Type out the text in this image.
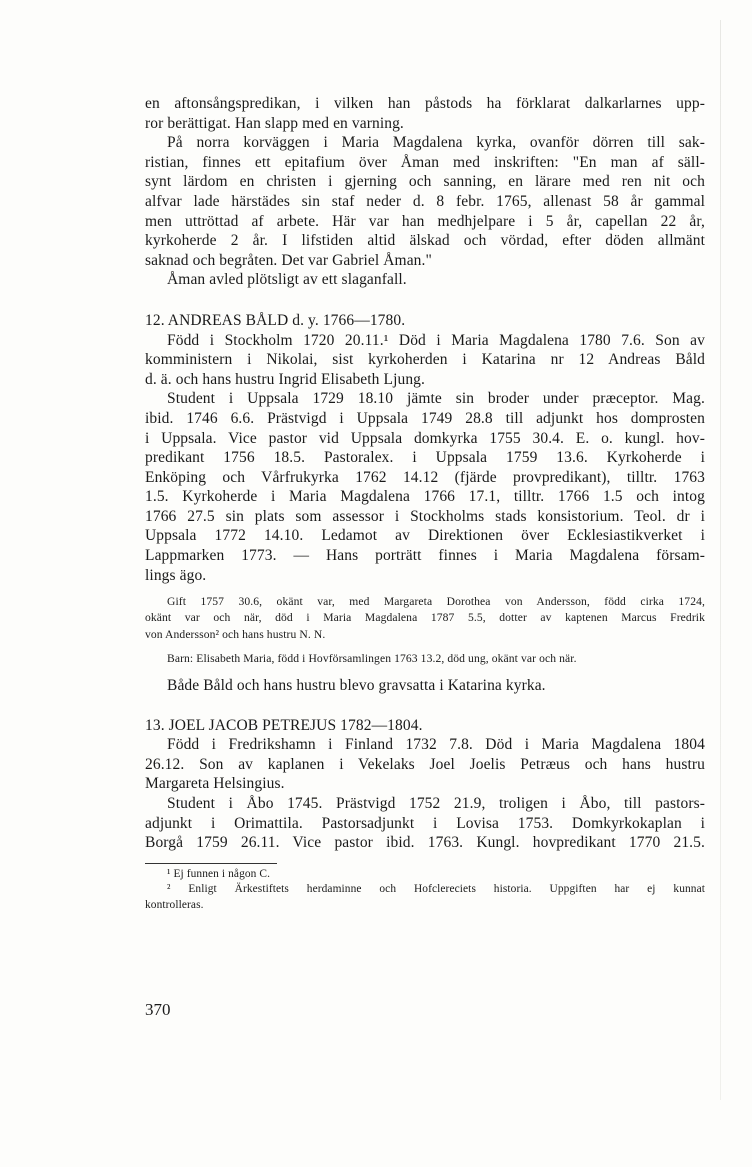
en aftonsångspredikan, i vilken han påstods ha förklarat dalkarlarnes upp-
ror berättigat. Han slapp med en varning.
På norra korväggen i Maria Magdalena kyrka, ovanför dörren till sak-
ristian, finnes ett epitafium över Åman med inskriften: "En man af säll-
synt lärdom en christen i gjerning och sanning, en lärare med ren nit och
alfvar lade härstädes sin staf neder d. 8 febr. 1765, allenast 58 år gammal
men uttröttad af arbete. Här var han medhjelpare i 5 år, capellan 22 år,
kyrkoherde 2 år. I lifstiden altid älskad och vördad, efter döden allmänt
saknad och begråten. Det var Gabriel Åman."
Åman avled plötsligt av ett slaganfall.
12. ANDREAS BÅLD d. y. 1766—1780.
Född i Stockholm 1720 20.11.¹ Död i Maria Magdalena 1780 7.6. Son av
komministern i Nikolai, sist kyrkoherden i Katarina nr 12 Andreas Båld
d. ä. och hans hustru Ingrid Elisabeth Ljung.
Student i Uppsala 1729 18.10 jämte sin broder under præceptor. Mag.
ibid. 1746 6.6. Prästvigd i Uppsala 1749 28.8 till adjunkt hos domprosten
i Uppsala. Vice pastor vid Uppsala domkyrka 1755 30.4. E. o. kungl. hov-
predikant 1756 18.5. Pastoralex. i Uppsala 1759 13.6. Kyrkoherde i
Enköping och Vårfrukyrka 1762 14.12 (fjärde provpredikant), tilltr. 1763
1.5. Kyrkoherde i Maria Magdalena 1766 17.1, tilltr. 1766 1.5 och intog
1766 27.5 sin plats som assessor i Stockholms stads konsistorium. Teol. dr i
Uppsala 1772 14.10. Ledamot av Direktionen över Ecklesiastikverket i
Lappmarken 1773. — Hans porträtt finnes i Maria Magdalena försam-
lings ägo.
Gift 1757 30.6, okänt var, med Margareta Dorothea von Andersson, född cirka 1724,
okänt var och när, död i Maria Magdalena 1787 5.5, dotter av kaptenen Marcus Fredrik
von Andersson² och hans hustru N. N.
Barn: Elisabeth Maria, född i Hovförsamlingen 1763 13.2, död ung, okänt var och när.
Både Båld och hans hustru blevo gravsatta i Katarina kyrka.
13. JOEL JACOB PETREJUS 1782—1804.
Född i Fredrikshamn i Finland 1732 7.8. Död i Maria Magdalena 1804
26.12. Son av kaplanen i Vekelaks Joel Joelis Petræus och hans hustru
Margareta Helsingius.
Student i Åbo 1745. Prästvigd 1752 21.9, troligen i Åbo, till pastors-
adjunkt i Orimattila. Pastorsadjunkt i Lovisa 1753. Domkyrkokaplan i
Borgå 1759 26.11. Vice pastor ibid. 1763. Kungl. hovpredikant 1770 21.5.
¹ Ej funnen i någon C.
² Enligt Ärkestiftets herdaminne och Hofclereciets historia. Uppgiften har ej kunnat
kontrolleras.
370
